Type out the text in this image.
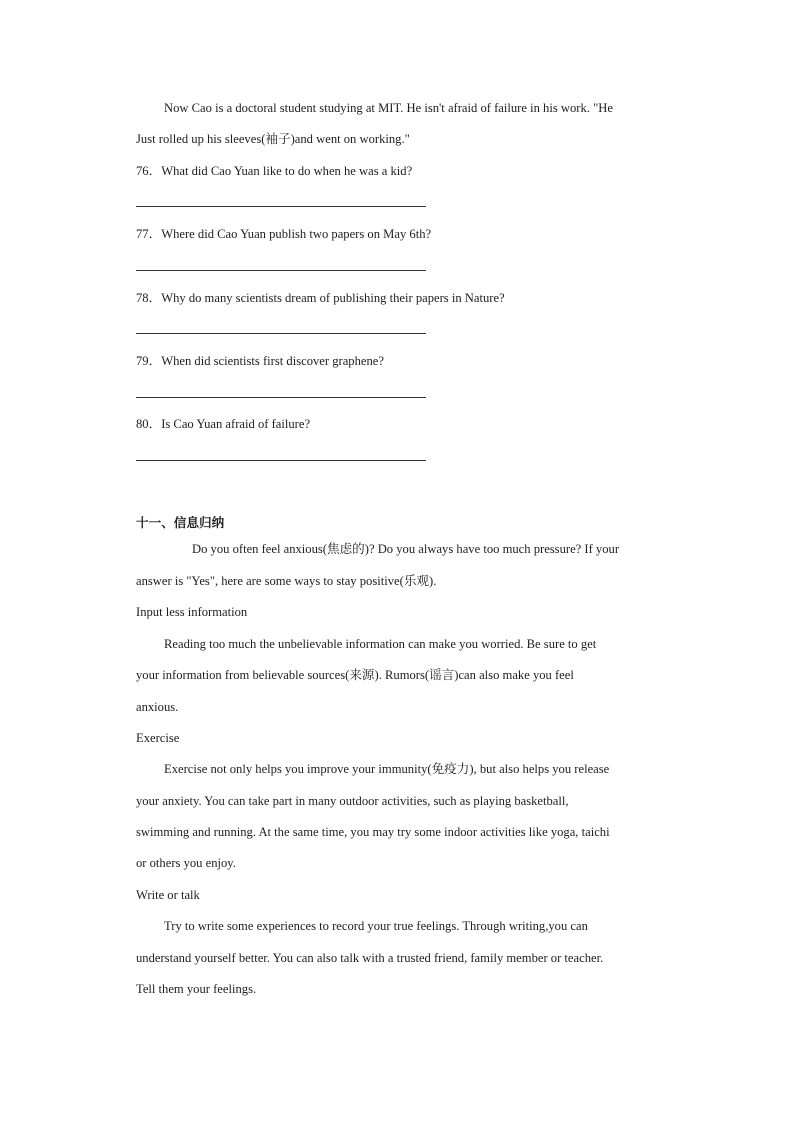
Now Cao is a doctoral student studying at MIT. He isn't afraid of failure in his work. "He
Just rolled up his sleeves(袖子)and went on working."
76．What did Cao Yuan like to do when he was a kid?
77．Where did Cao Yuan publish two papers on May 6th?
78．Why do many scientists dream of publishing their papers in Nature?
79．When did scientists first discover graphene?
80．Is Cao Yuan afraid of failure?
十一、信息归纳
Do you often feel anxious(焦虑的)? Do you always have too much pressure? If your
answer is "Yes", here are some ways to stay positive(乐观).
Input less information
Reading too much the unbelievable information can make you worried. Be sure to get
your information from believable sources(来源). Rumors(谣言)can also make you feel
anxious.
Exercise
Exercise not only helps you improve your immunity(免疫力), but also helps you release
your anxiety. You can take part in many outdoor activities, such as playing basketball,
swimming and running. At the same time, you may try some indoor activities like yoga, taichi
or others you enjoy.
Write or talk
Try to write some experiences to record your true feelings. Through writing,you can
understand yourself better. You can also talk with a trusted friend, family member or teacher.
Tell them your feelings.
